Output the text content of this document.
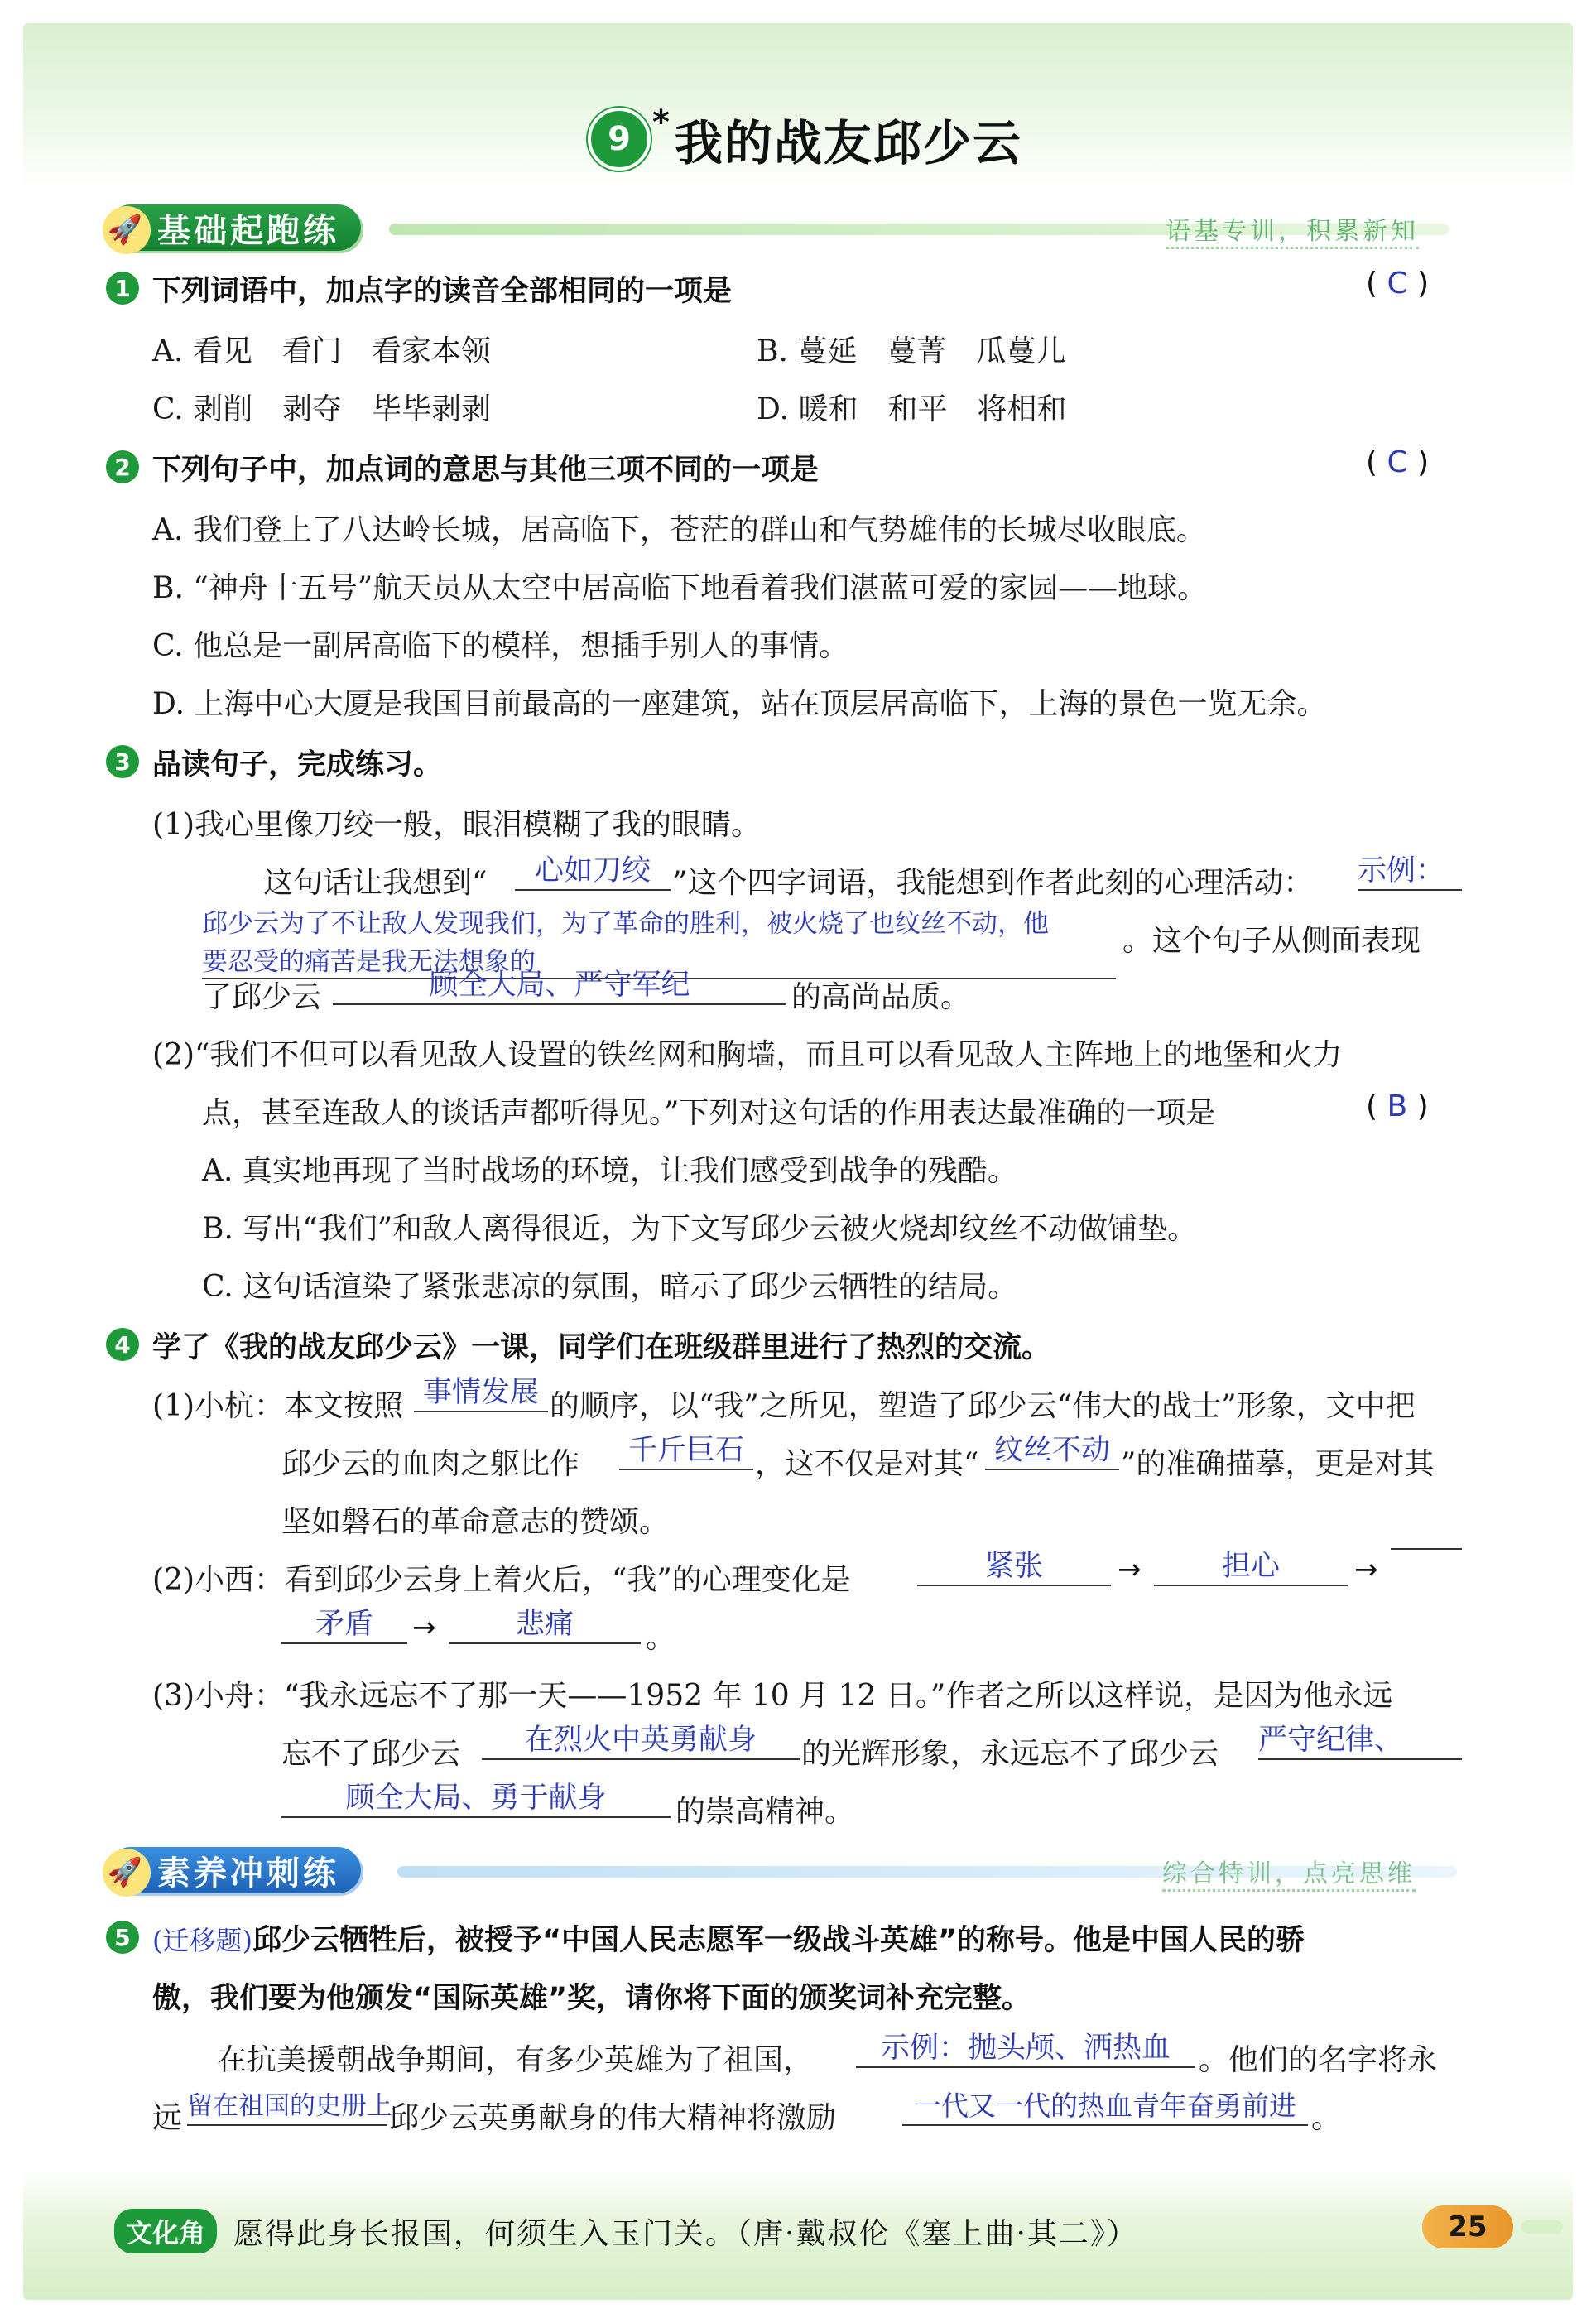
9 * 我的战友邱少云
🚀 基础起跑练	语基专训，积累新知
1 下列词语中，加点字的读音全部相同的一项是	( C )
A. 看见　看门　看家本领	B. 蔓延　蔓菁　瓜蔓儿
C. 剥削　剥夺　毕毕剥剥	D. 暖和　和平　将相和
2 下列句子中，加点词的意思与其他三项不同的一项是	( C )
A. 我们登上了八达岭长城，居高临下，苍茫的群山和气势雄伟的长城尽收眼底。
B. “神舟十五号”航天员从太空中居高临下地看着我们湛蓝可爱的家园——地球。
C. 他总是一副居高临下的模样，想插手别人的事情。
D. 上海中心大厦是我国目前最高的一座建筑，站在顶层居高临下，上海的景色一览无余。
3 品读句子，完成练习。
(1)我心里像刀绞一般，眼泪模糊了我的眼睛。
这句话让我想到“	心如刀绞 ”这个四字词语，我能想到作者此刻的心理活动： 示例：
邱少云为了不让敌人发现我们，为了革命的胜利，被火烧了也纹丝不动，他
要忍受的痛苦是我无法想象的
。这个句子从侧面表现
了邱少云	顾全大局、严守军纪	的高尚品质。
(2)“我们不但可以看见敌人设置的铁丝网和胸墙，而且可以看见敌人主阵地上的地堡和火力
点，甚至连敌人的谈话声都听得见。”下列对这句话的作用表达最准确的一项是	( B )
A. 真实地再现了当时战场的环境，让我们感受到战争的残酷。
B. 写出“我们”和敌人离得很近，为下文写邱少云被火烧却纹丝不动做铺垫。
C. 这句话渲染了紧张悲凉的氛围，暗示了邱少云牺牲的结局。
4 学了《我的战友邱少云》一课，同学们在班级群里进行了热烈的交流。
(1)小杭：本文按照 事情发展 的顺序，以“我”之所见，塑造了邱少云“伟大的战士”形象，文中把
邱少云的血肉之躯比作	千斤巨石 ，这不仅是对其“ 纹丝不动 ”的准确描摹，更是对其
坚如磐石的革命意志的赞颂。
(2)小西：看到邱少云身上着火后，“我”的心理变化是	紧张	→	担心	→
矛盾	→	悲痛	。
(3)小舟：“我永远忘不了那一天——1952 年 10 月 12 日。”作者之所以这样说，是因为他永远
忘不了邱少云	在烈火中英勇献身	的光辉形象，永远忘不了邱少云 严守纪律、
顾全大局、勇于献身	的崇高精神。
🚀 素养冲刺练	综合特训，点亮思维
5 (迁移题)邱少云牺牲后，被授予“中国人民志愿军一级战斗英雄”的称号。他是中国人民的骄
傲，我们要为他颁发“国际英雄”奖，请你将下面的颁奖词补充完整。
在抗美援朝战争期间，有多少英雄为了祖国，	示例：抛头颅、洒热血 。他们的名字将永
远 留在祖国的史册上
邱少云英勇献身的伟大精神将激励	一代又一代的热血青年奋勇前进 。
文化角 愿得此身长报国，何须生入玉门关。（唐·戴叔伦《塞上曲·其二》）	25
